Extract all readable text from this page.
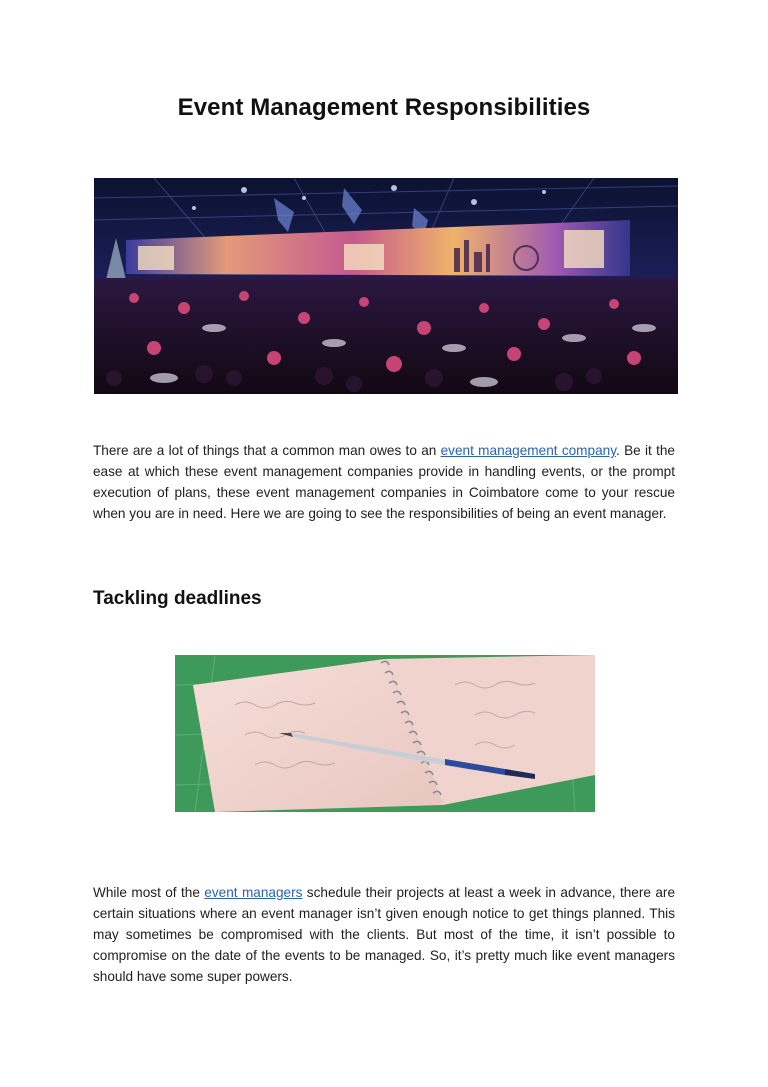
Event Management Responsibilities
There are a lot of things that a common man owes to an event management company. Be it the ease at which these event management companies provide in handling events, or the prompt execution of plans, these event management companies in Coimbatore come to your rescue when you are in need. Here we are going to see the responsibilities of being an event manager.
Tackling deadlines
While most of the event managers schedule their projects at least a week in advance, there are certain situations where an event manager isn’t given enough notice to get things planned. This may sometimes be compromised with the clients. But most of the time, it isn’t possible to compromise on the date of the events to be managed. So, it’s pretty much like event managers should have some super powers.
